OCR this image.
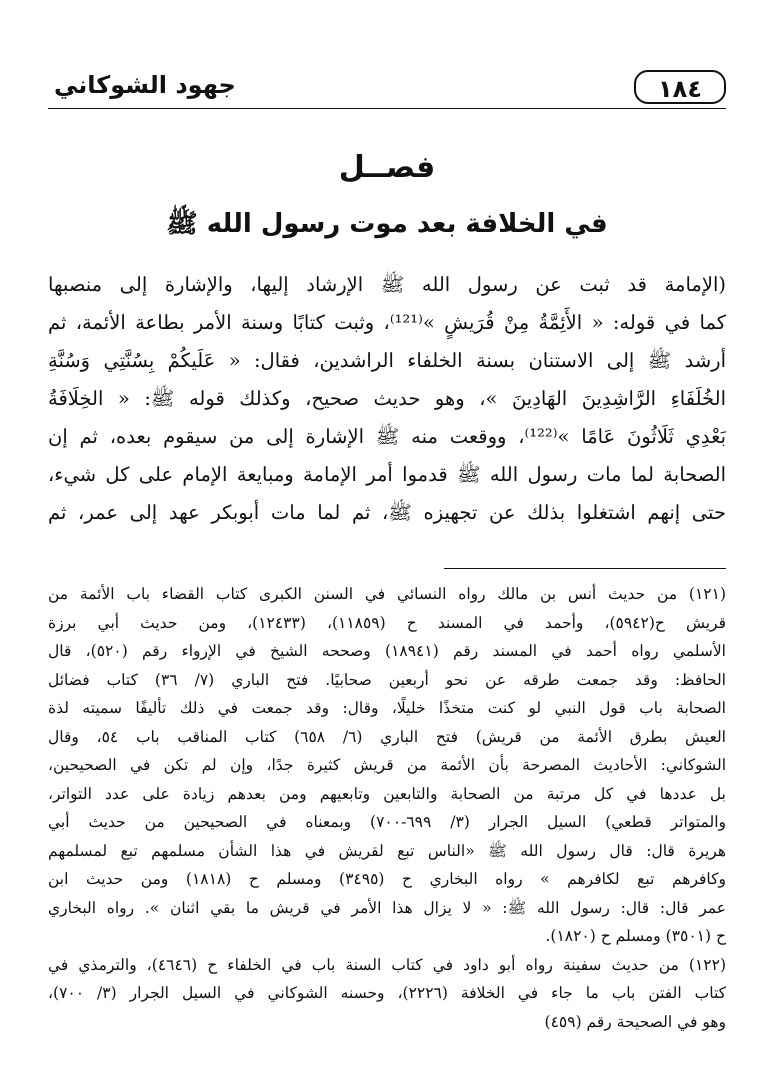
١٨٤
جهود الشوكاني
فصــل
في الخلافة بعد موت رسول الله ﷺ
(الإمامة قد ثبت عن رسول الله ﷺ الإرشاد إليها، والإشارة إلى منصبها
كما في قوله: « الأَئِمَّةُ مِنْ قُرَيشٍ »⁽¹²¹⁾، وثبت كتابًا وسنة الأمر بطاعة الأئمة، ثم
أرشد ﷺ إلى الاستنان بسنة الخلفاء الراشدين، فقال: « عَلَيكُمْ بِسُنَّتِي وَسُنَّةِ
الخُلَفَاءِ الرَّاشِدِينَ الهَادِينَ »، وهو حديث صحيح، وكذلك قوله ﷺ: « الخِلَافَةُ
بَعْدِي ثَلَاثُونَ عَامًا »⁽¹²²⁾، ووقعت منه ﷺ الإشارة إلى من سيقوم بعده، ثم إن
الصحابة لما مات رسول الله ﷺ قدموا أمر الإمامة ومبايعة الإمام على كل شيء،
حتى إنهم اشتغلوا بذلك عن تجهيزه ﷺ، ثم لما مات أبوبكر عهد إلى عمر، ثم
(١٢١) من حديث أنس بن مالك رواه النسائي في السنن الكبرى كتاب القضاء باب الأئمة من
قريش ح(٥٩٤٢)، وأحمد في المسند ح (١١٨٥٩)، (١٢٤٣٣)، ومن حديث أبي برزة
الأسلمي رواه أحمد في المسند رقم (١٨٩٤١) وصححه الشيخ في الإرواء رقم (٥٢٠)، قال
الحافظ: وقد جمعت طرقه عن نحو أربعين صحابيًا. فتح الباري (٧/ ٣٦) كتاب فضائل
الصحابة باب قول النبي لو كنت متخذًا خليلًا، وقال: وقد جمعت في ذلك تأليفًا سميته لذة
العيش بطرق الأئمة من قريش) فتح الباري (٦/ ٦٥٨) كتاب المناقب باب ٥٤، وقال
الشوكاني: الأحاديث المصرحة بأن الأئمة من قريش كثيرة جدًا، وإن لم تكن في الصحيحين،
بل عددها في كل مرتبة من الصحابة والتابعين وتابعيهم ومن بعدهم زيادة على عدد التواتر،
والمتواتر قطعي) السيل الجرار (٣/ ٦٩٩-٧٠٠) وبمعناه في الصحيحين من حديث أبي
هريرة قال: قال رسول الله ﷺ «الناس تبع لقريش في هذا الشأن مسلمهم تبع لمسلمهم
وكافرهم تبع لكافرهم » رواه البخاري ح (٣٤٩٥) ومسلم ح (١٨١٨) ومن حديث ابن
عمر قال: قال: رسول الله ﷺ: « لا يزال هذا الأمر في قريش ما بقي اثنان ». رواه البخاري
ح (٣٥٠١) ومسلم ح (١٨٢٠).
(١٢٢) من حديث سفينة رواه أبو داود في كتاب السنة باب في الخلفاء ح (٤٦٤٦)، والترمذي في
كتاب الفتن باب ما جاء في الخلافة (٢٢٢٦)، وحسنه الشوكاني في السيل الجرار (٣/ ٧٠٠)،
وهو في الصحيحة رقم (٤٥٩)
